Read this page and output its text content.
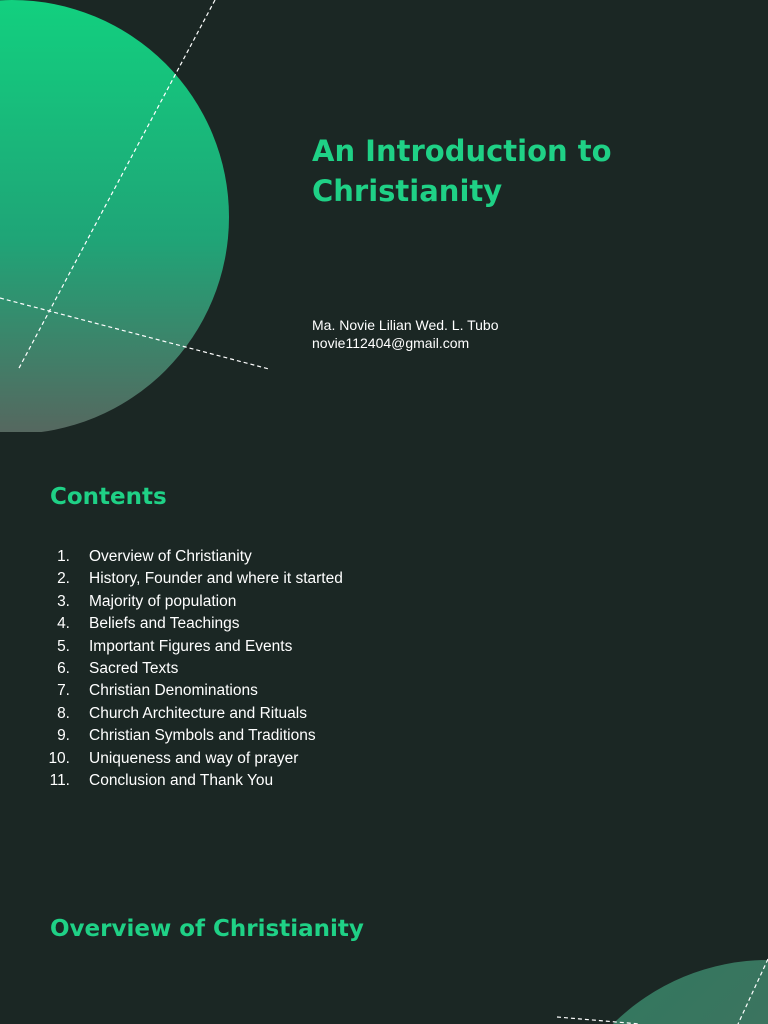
An Introduction to Christianity
Ma. Novie Lilian Wed. L. Tubo
novie112404@gmail.com
Contents
1. Overview of Christianity
2. History, Founder and where it started
3. Majority of population
4. Beliefs and Teachings
5. Important Figures and Events
6. Sacred Texts
7. Christian Denominations
8. Church Architecture and Rituals
9. Christian Symbols and Traditions
10. Uniqueness and way of prayer
11. Conclusion and Thank You
Overview of Christianity
